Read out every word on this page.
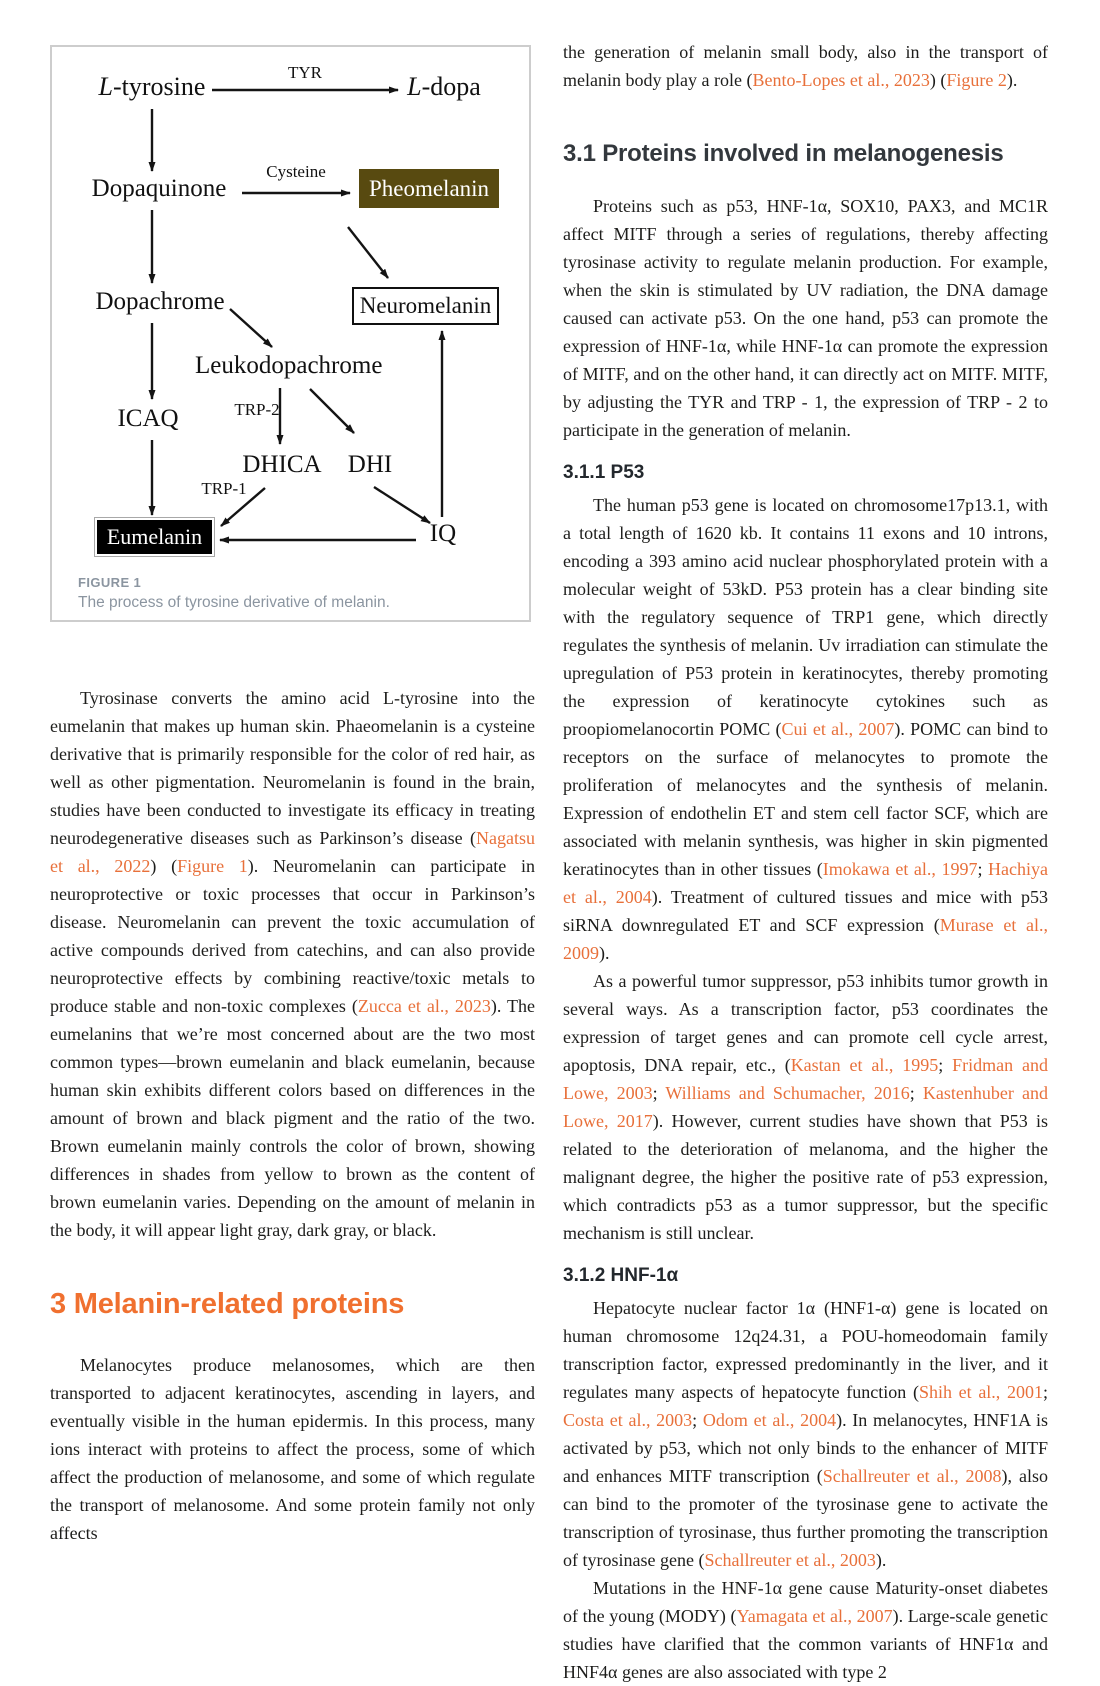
L-tyrosine	TYR	L-dopa
Dopaquinone
Cysteine
Pheomelanin
Dopachrome	Neuromelanin
Leukodopachrome
TRP-2
ICAQ
DHICA DHI
TRP-1
Eumelanin	IQ
FIGURE 1
The process of tyrosine derivative of melanin.

Tyrosinase converts the amino acid L-tyrosine into the eumelanin that makes up human skin. Phaeomelanin is a cysteine derivative that is primarily responsible for the color of red hair, as well as other pigmentation. Neuromelanin is found in the brain, studies have been conducted to investigate its efficacy in treating neurodegenerative diseases such as Parkinson’s disease (Nagatsu et al., 2022) (Figure 1). Neuromelanin can participate in neuroprotective or toxic processes that occur in Parkinson’s disease. Neuromelanin can prevent the toxic accumulation of active compounds derived from catechins, and can also provide neuroprotective effects by combining reactive/toxic metals to produce stable and non-toxic complexes (Zucca et al., 2023). The eumelanins that we’re most concerned about are the two most common types—brown eumelanin and black eumelanin, because human skin exhibits different colors based on differences in the amount of brown and black pigment and the ratio of the two. Brown eumelanin mainly controls the color of brown, showing differences in shades from yellow to brown as the content of brown eumelanin varies. Depending on the amount of melanin in the body, it will appear light gray, dark gray, or black.

3 Melanin-related proteins

Melanocytes produce melanosomes, which are then transported to adjacent keratinocytes, ascending in layers, and eventually visible in the human epidermis. In this process, many ions interact with proteins to affect the process, some of which affect the production of melanosome, and some of which regulate the transport of melanosome. And some protein family not only affects

the generation of melanin small body, also in the transport of melanin body play a role (Bento-Lopes et al., 2023) (Figure 2).

3.1 Proteins involved in melanogenesis

Proteins such as p53, HNF-1α, SOX10, PAX3, and MC1R affect MITF through a series of regulations, thereby affecting tyrosinase activity to regulate melanin production. For example, when the skin is stimulated by UV radiation, the DNA damage caused can activate p53. On the one hand, p53 can promote the expression of HNF-1α, while HNF-1α can promote the expression of MITF, and on the other hand, it can directly act on MITF. MITF, by adjusting the TYR and TRP - 1, the expression of TRP - 2 to participate in the generation of melanin.

3.1.1 P53

The human p53 gene is located on chromosome17p13.1, with a total length of 1620 kb. It contains 11 exons and 10 introns, encoding a 393 amino acid nuclear phosphorylated protein with a molecular weight of 53kD. P53 protein has a clear binding site with the regulatory sequence of TRP1 gene, which directly regulates the synthesis of melanin. Uv irradiation can stimulate the upregulation of P53 protein in keratinocytes, thereby promoting the expression of keratinocyte cytokines such as proopiomelanocortin POMC (Cui et al., 2007). POMC can bind to receptors on the surface of melanocytes to promote the proliferation of melanocytes and the synthesis of melanin. Expression of endothelin ET and stem cell factor SCF, which are associated with melanin synthesis, was higher in skin pigmented keratinocytes than in other tissues (Imokawa et al., 1997; Hachiya et al., 2004). Treatment of cultured tissues and mice with p53 siRNA downregulated ET and SCF expression (Murase et al., 2009).

As a powerful tumor suppressor, p53 inhibits tumor growth in several ways. As a transcription factor, p53 coordinates the expression of target genes and can promote cell cycle arrest, apoptosis, DNA repair, etc., (Kastan et al., 1995; Fridman and Lowe, 2003; Williams and Schumacher, 2016; Kastenhuber and Lowe, 2017). However, current studies have shown that P53 is related to the deterioration of melanoma, and the higher the malignant degree, the higher the positive rate of p53 expression, which contradicts p53 as a tumor suppressor, but the specific mechanism is still unclear.

3.1.2 HNF-1α

Hepatocyte nuclear factor 1α (HNF1-α) gene is located on human chromosome 12q24.31, a POU-homeodomain family transcription factor, expressed predominantly in the liver, and it regulates many aspects of hepatocyte function (Shih et al., 2001; Costa et al., 2003; Odom et al., 2004). In melanocytes, HNF1A is activated by p53, which not only binds to the enhancer of MITF and enhances MITF transcription (Schallreuter et al., 2008), also can bind to the promoter of the tyrosinase gene to activate the transcription of tyrosinase, thus further promoting the transcription of tyrosinase gene (Schallreuter et al., 2003).

Mutations in the HNF-1α gene cause Maturity-onset diabetes of the young (MODY) (Yamagata et al., 2007). Large-scale genetic studies have clarified that the common variants of HNF1α and HNF4α genes are also associated with type 2
